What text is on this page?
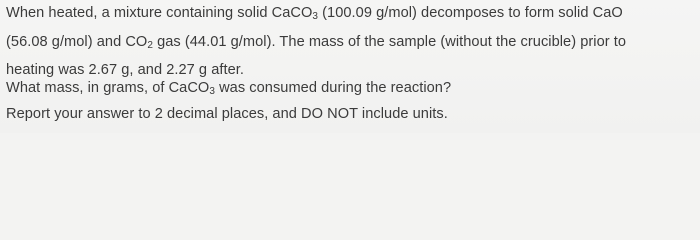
When heated, a mixture containing solid CaCO$_3$ (100.09 g/mol) decomposes to form solid CaO
(56.08 g/mol) and $CO_2$ gas (44.01 g/mol). The mass of the sample (without the crucible) prior to
heating was 2.67 g, and 2.27 g after.
What mass, in grams, of CaCO$_3$ was consumed during the reaction?
Report your answer to 2 decimal places, and DO NOT include units.
